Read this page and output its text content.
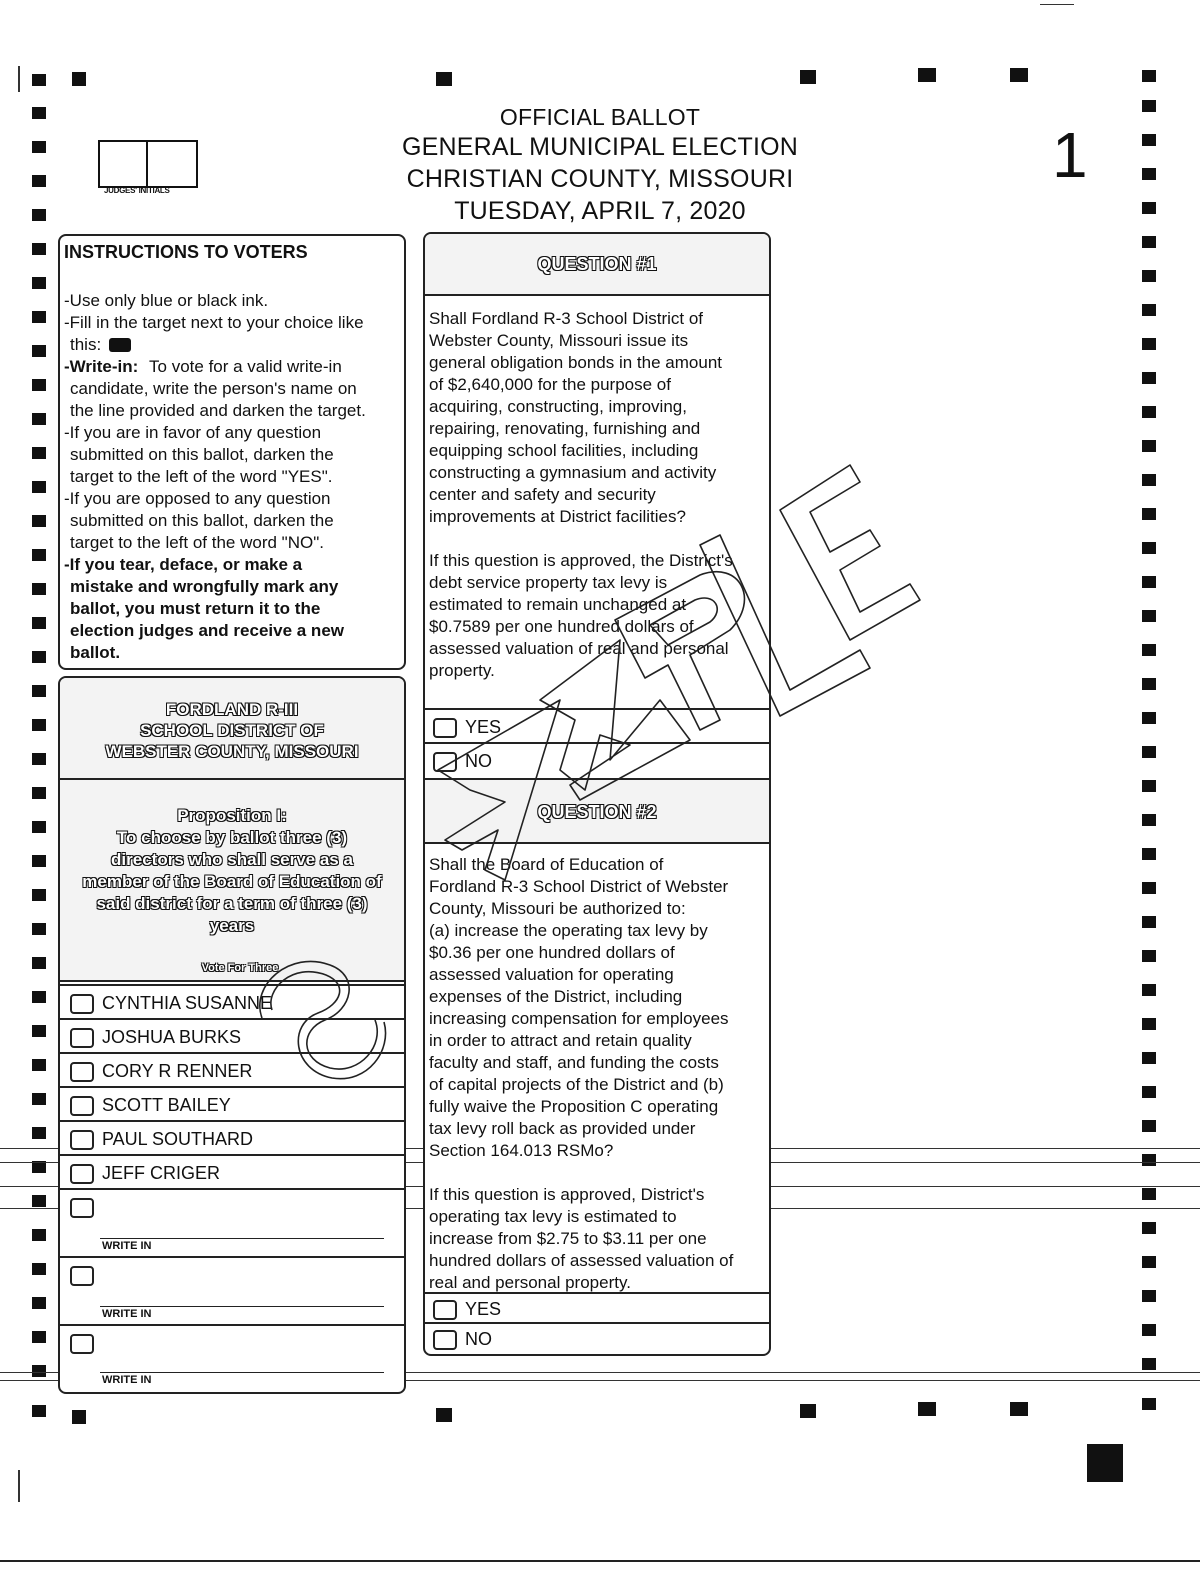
OFFICIAL BALLOT
GENERAL MUNICIPAL ELECTION
CHRISTIAN COUNTY, MISSOURI
TUESDAY, APRIL 7, 2020
JUDGES' INITIALS	1
INSTRUCTIONS TO VOTERS
-Use only blue or black ink.
-Fill in the target next to your choice like
this:
-Write-in: To vote for a valid write-in
candidate, write the person's name on
the line provided and darken the target.
-If you are in favor of any question
submitted on this ballot, darken the
target to the left of the word "YES".
-If you are opposed to any question
submitted on this ballot, darken the
target to the left of the word "NO".
-If you tear, deface, or make a
mistake and wrongfully mark any
ballot, you must return it to the
election judges and receive a new
ballot.
FORDLAND R-III
SCHOOL DISTRICT OF
WEBSTER COUNTY, MISSOURI
Proposition I:
To choose by ballot three (3)
directors who shall serve as a
member of the Board of Education of
said district for a term of three (3)
years
Vote For Three
CYNTHIA SUSANNE
JOSHUA BURKS
CORY R RENNER
SCOTT BAILEY
PAUL SOUTHARD
JEFF CRIGER
WRITE IN
WRITE IN
WRITE IN
QUESTION #1
Shall Fordland R-3 School District of
Webster County, Missouri issue its
general obligation bonds in the amount
of $2,640,000 for the purpose of
acquiring, constructing, improving,
repairing, renovating, furnishing and
equipping school facilities, including
constructing a gymnasium and activity
center and safety and security
improvements at District facilities?
If this question is approved, the District's
debt service property tax levy is
estimated to remain unchanged at
$0.7589 per one hundred dollars of
assessed valuation of real and personal
property.
YES
NO
QUESTION #2
Shall the Board of Education of
Fordland R-3 School District of Webster
County, Missouri be authorized to:
(a) increase the operating tax levy by
$0.36 per one hundred dollars of
assessed valuation for operating
expenses of the District, including
increasing compensation for employees
in order to attract and retain quality
faculty and staff, and funding the costs
of capital projects of the District and (b)
fully waive the Proposition C operating
tax levy roll back as provided under
Section 164.013 RSMo?
If this question is approved, District's
operating tax levy is estimated to
increase from $2.75 to $3.11 per one
hundred dollars of assessed valuation of
real and personal property.
YES
NO
